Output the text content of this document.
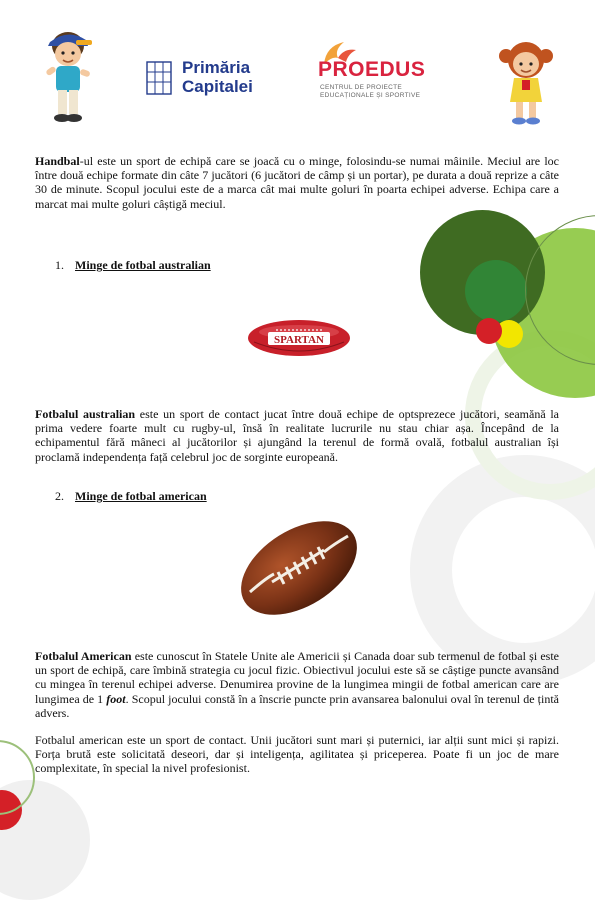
Primăria
Capitalei
PROEDUS
CENTRUL DE PROIECTE
EDUCAȚIONALE ȘI SPORTIVE

Handbal-ul este un sport de echipă care se joacă cu o minge, folosindu-se numai mâinile. Meciul are loc între două echipe formate din câte 7 jucători (6 jucători de câmp și un portar), pe durata a două reprize a câte 30 de minute. Scopul jocului este de a marca cât mai multe goluri în poarta echipei adverse. Echipa care a marcat mai multe goluri câștigă meciul.

1. Minge de fotbal australian
SPARTAN

Fotbalul australian este un sport de contact jucat între două echipe de optsprezece jucători, seamănă la prima vedere foarte mult cu rugby-ul, însă în realitate lucrurile nu stau chiar așa. Începând de la echipamentul fără mâneci al jucătorilor și ajungând la terenul de formă ovală, fotbalul australian își proclamă independența față celebrul joc de sorginte europeană.

2. Minge de fotbal american

Fotbalul American este cunoscut în Statele Unite ale Americii și Canada doar sub termenul de fotbal și este un sport de echipă, care îmbină strategia cu jocul fizic. Obiectivul jocului este să se câștige puncte avansând cu mingea în terenul echipei adverse. Denumirea provine de la lungimea mingii de fotbal american care are lungimea de 1 foot. Scopul jocului constă în a înscrie puncte prin avansarea balonului oval în terenul de țintă advers.

Fotbalul american este un sport de contact. Unii jucători sunt mari și puternici, iar alții sunt mici și rapizi. Forța brută este solicitată deseori, dar și inteligența, agilitatea și priceperea. Poate fi un joc de mare complexitate, în special la nivel profesionist.
